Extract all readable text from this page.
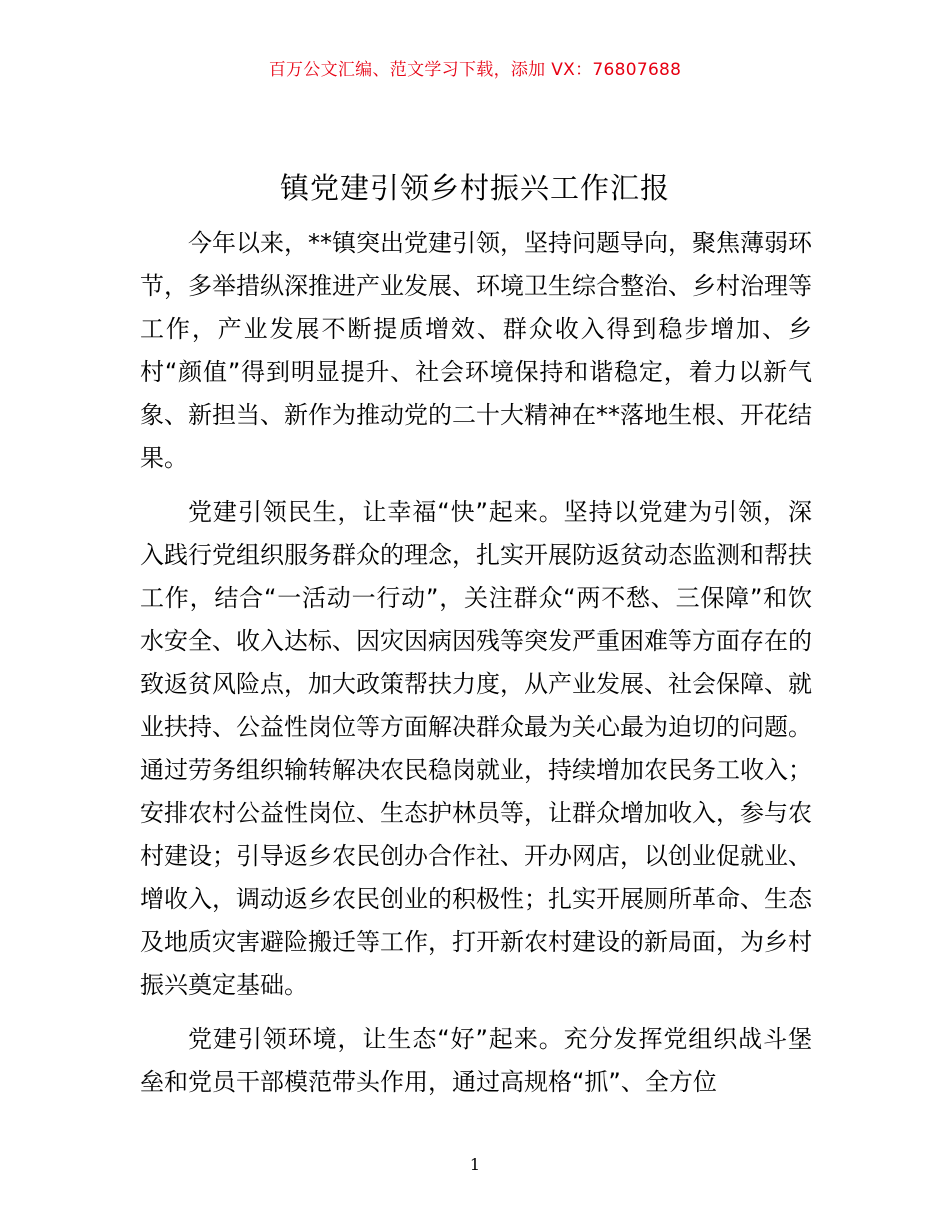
百万公文汇编、范文学习下载，添加 VX：76807688
镇党建引领乡村振兴工作汇报

今年以来，**镇突出党建引领，坚持问题导向，聚焦薄弱环节，多举措纵深推进产业发展、环境卫生综合整治、乡村治理等工作，产业发展不断提质增效、群众收入得到稳步增加、乡村“颜值”得到明显提升、社会环境保持和谐稳定，着力以新气象、新担当、新作为推动党的二十大精神在**落地生根、开花结果。

党建引领民生，让幸福“快”起来。坚持以党建为引领，深入践行党组织服务群众的理念，扎实开展防返贫动态监测和帮扶工作，结合“一活动一行动”，关注群众“两不愁、三保障”和饮水安全、收入达标、因灾因病因残等突发严重困难等方面存在的致返贫风险点，加大政策帮扶力度，从产业发展、社会保障、就业扶持、公益性岗位等方面解决群众最为关心最为迫切的问题。通过劳务组织输转解决农民稳岗就业，持续增加农民务工收入；安排农村公益性岗位、生态护林员等，让群众增加收入，参与农村建设；引导返乡农民创办合作社、开办网店，以创业促就业、增收入，调动返乡农民创业的积极性；扎实开展厕所革命、生态及地质灾害避险搬迁等工作，打开新农村建设的新局面，为乡村振兴奠定基础。

党建引领环境，让生态“好”起来。充分发挥党组织战斗堡垒和党员干部模范带头作用，通过高规格“抓”、全方位

1
